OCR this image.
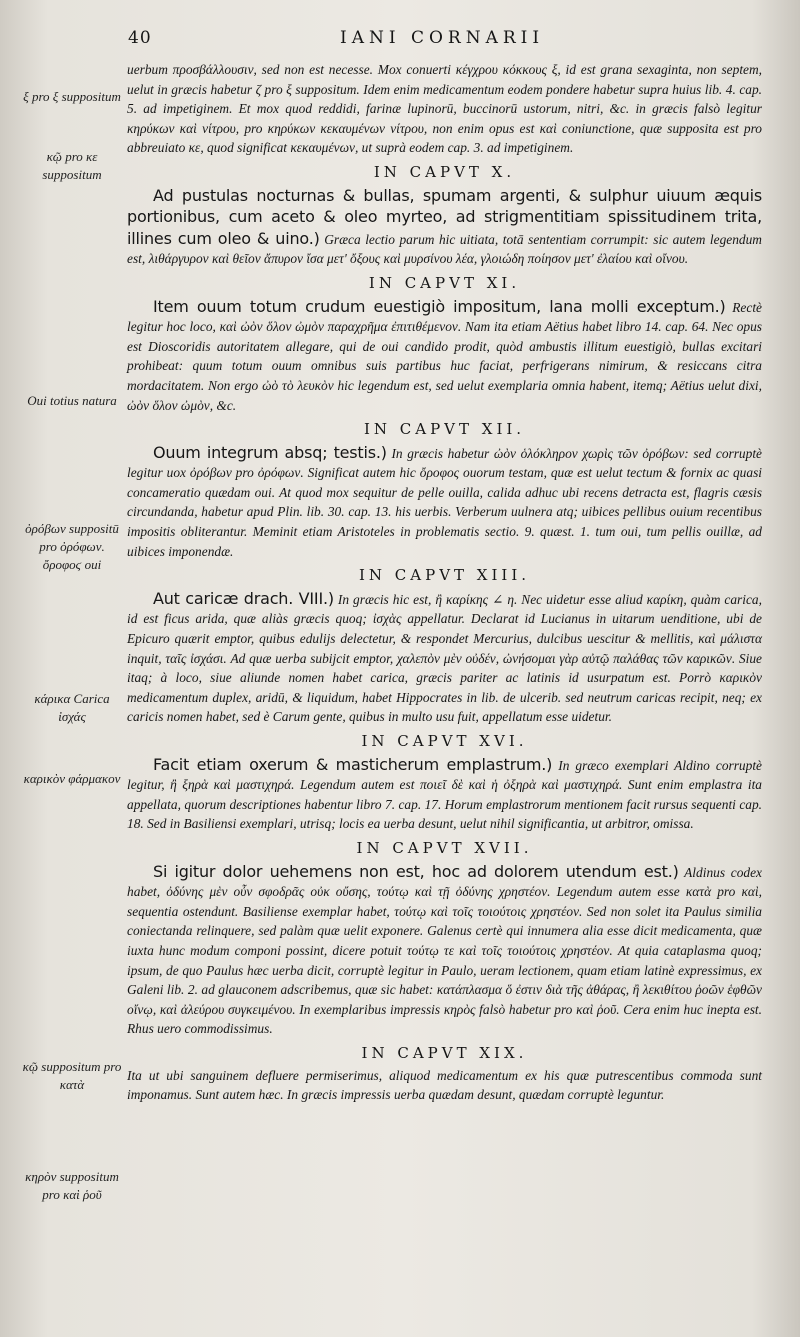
40	IANI CORNARII
ξ pro ξ suppositum
κῷ pro κε suppositum
Oui totius natura
ὀρόβων suppositū pro ὀρόφων. ὄροφοϛ oui
κάρικα Carica ἰσχάς
καρικὸν φάρμακον
κῷ suppositum pro κατὰ
κηρὸν suppositum pro καὶ ῥοῦ

uerbum προσβάλλουσιν, sed non est necesse. Mox conuerti κέγχρου κόκκους ξ, id est grana sexaginta, non septem, uelut in græcis habetur ζ pro ξ suppositum. Idem enim medicamentum eodem pondere habetur supra huius lib. 4. cap. 5. ad impetiginem. Et mox quod reddidi, farinæ lupinorū, buccinorū ustorum, nitri, &c. in græcis falsò legitur κηρύκων καὶ νίτρου, pro κηρύκων κεκαυμένων νίτρου, non enim opus est καὶ coniunctione, quæ supposita est pro abbreuiato κε, quod significat κεκαυμένων, ut suprà eodem cap. 3. ad impetiginem.

IN CAPVT X.

Ad pustulas nocturnas & bullas, spumam argenti, & sulphur uiuum æquis portionibus, cum aceto & oleo myrteo, ad strigmentitiam spissitudinem trita, illines cum oleo & uino.) Græca lectio parum hic uitiata, totā sententiam corrumpit: sic autem legendum est, λιθάργυρον καὶ θεῖον ἄπυρον ἴσα μετ' ὄξους καὶ μυρσίνου λέα, γλοιώδη ποίησον μετ' ἐλαίου καὶ οἴνου.

IN CAPVT XI.

Item ouum totum crudum euestigiò impositum, lana molli exceptum.) Rectè legitur hoc loco, καὶ ὠὸν ὅλον ὠμὸν παραχρῆμα ἐπιτιθέμενον. Nam ita etiam Aëtius habet libro 14. cap. 64. Nec opus est Dioscoridis autoritatem allegare, qui de oui candido prodit, quòd ambustis illitum euestigiò, bullas excitari prohibeat: quum totum ouum omnibus suis partibus huc faciat, perfrigerans nimirum, & resiccans citra mordacitatem. Non ergo ὠὸ τὸ λευκὸν hic legendum est, sed uelut exemplaria omnia habent, itemq; Aëtius uelut dixi, ὠὸν ὅλον ὠμὸν, &c.

IN CAPVT XII.

Ouum integrum absq; testis.) In græcis habetur ὠὸν ὁλόκληρον χωρὶς τῶν ὀρόβων: sed corruptè legitur uox ὀρόβων pro ὀρόφων. Significat autem hic ὄροφος ouorum testam, quæ est uelut tectum & fornix ac quasi concameratio quædam oui. At quod mox sequitur de pelle ouilla, calida adhuc ubi recens detracta est, flagris cæsis circundanda, habetur apud Plin. lib. 30. cap. 13. his uerbis. Verberum uulnera atq; uibices pellibus ouium recentibus impositis obliterantur. Meminit etiam Aristoteles in problematis sectio. 9. quæst. 1. tum oui, tum pellis ouillæ, ad uibices imponendæ.

IN CAPVT XIII.

Aut caricæ drach. VIII.) In græcis hic est, ἢ καρίκης ∠ η. Nec uidetur esse aliud καρίκη, quàm carica, id est ficus arida, quæ aliàs græcis quoq; ἰσχὰς appellatur. Declarat id Lucianus in uitarum uenditione, ubi de Epicuro quærit emptor, quibus edulijs delectetur, & respondet Mercurius, dulcibus uescitur & mellitis, καὶ μάλιστα inquit, ταῖς ἰσχάσι. Ad quæ uerba subijcit emptor, χαλεπὸν μὲν οὐδέν, ὠνήσομαι γὰρ αὐτῷ παλάθας τῶν καρικῶν. Siue itaq; à loco, siue aliunde nomen habet carica, græcis pariter ac latinis id usurpatum est. Porrò καρικὸν medicamentum duplex, aridū, & liquidum, habet Hippocrates in lib. de ulcerib. sed neutrum caricas recipit, neq; ex caricis nomen habet, sed è Carum gente, quibus in multo usu fuit, appellatum esse uidetur.

IN CAPVT XVI.

Facit etiam oxerum & masticherum emplastrum.) In græco exemplari Aldino corruptè legitur, ἢ ξηρὰ καὶ μαστιχηρά. Legendum autem est ποιεῖ δὲ καὶ ἡ ὀξηρὰ καὶ μαστιχηρά. Sunt enim emplastra ita appellata, quorum descriptiones habentur libro 7. cap. 17. Horum emplastrorum mentionem facit rursus sequenti cap. 18. Sed in Basiliensi exemplari, utrisq; locis ea uerba desunt, uelut nihil significantia, ut arbitror, omissa.

IN CAPVT XVII.

Si igitur dolor uehemens non est, hoc ad dolorem utendum est.) Aldinus codex habet, ὀδύνης μὲν οὖν σφοδρᾶς οὐκ οὔσης, τούτῳ καὶ τῇ ὀδύνης χρηστέον. Legendum autem esse κατὰ pro καὶ, sequentia ostendunt. Basiliense exemplar habet, τούτῳ καὶ τοῖς τοιούτοις χρηστέον. Sed non solet ita Paulus similia coniectanda relinquere, sed palàm quæ uelit exponere. Galenus certè qui innumera alia esse dicit medicamenta, quæ iuxta hunc modum componi possint, dicere potuit τούτῳ τε καὶ τοῖς τοιούτοις χρηστέον. At quia cataplasma quoq; ipsum, de quo Paulus hæc uerba dicit, corruptè legitur in Paulo, ueram lectionem, quam etiam latinè expressimus, ex Galeni lib. 2. ad glauconem adscribemus, quæ sic habet: κατάπλασμα ὅ ἐστιν διὰ τῆς ἀθάρας, ἢ λεκιθίτου ῥοῶν ἑφθῶν οἴνῳ, καὶ ἀλεύρου συγκειμένου. In exemplaribus impressis κηρὸς falsò habetur pro καὶ ῥοῦ. Cera enim huc inepta est. Rhus uero commodissimus.

IN CAPVT XIX.

Ita ut ubi sanguinem defluere permiserimus, aliquod medicamentum ex his quæ putrescentibus commoda sunt imponamus. Sunt autem hæc. In græcis impressis uerba quædam desunt, quædam corruptè leguntur.
